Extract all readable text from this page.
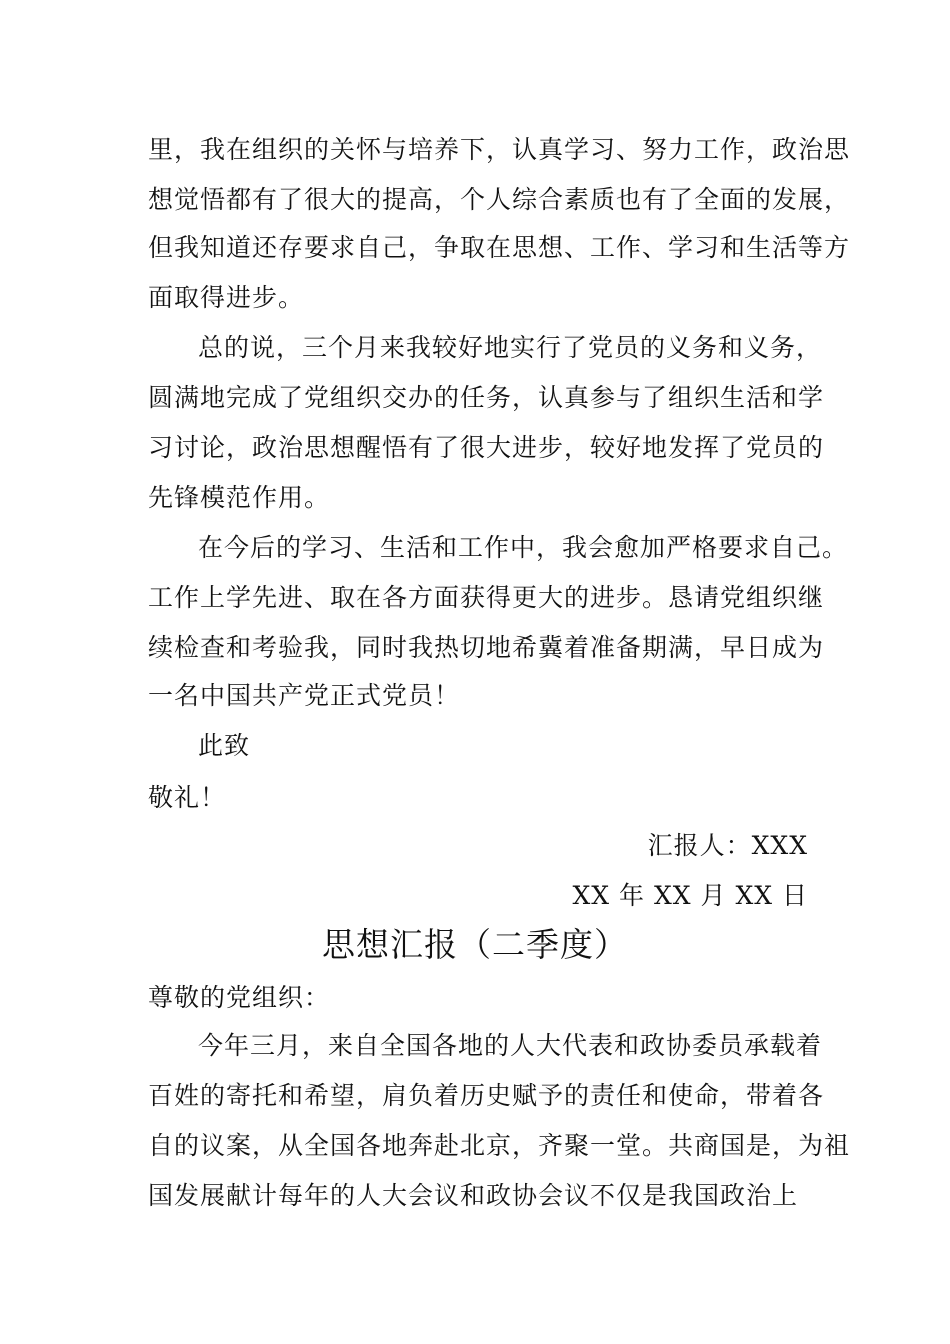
里，我在组织的关怀与培养下，认真学习、努力工作，政治思
想觉悟都有了很大的提高，个人综合素质也有了全面的发展，
但我知道还存要求自己，争取在思想、工作、学习和生活等方
面取得进步。
总的说，三个月来我较好地实行了党员的义务和义务，
圆满地完成了党组织交办的任务，认真参与了组织生活和学
习讨论，政治思想醒悟有了很大进步，较好地发挥了党员的
先锋模范作用。
在今后的学习、生活和工作中，我会愈加严格要求自己。
工作上学先进、取在各方面获得更大的进步。恳请党组织继
续检查和考验我，同时我热切地希冀着准备期满，早日成为
一名中国共产党正式党员！
此致
敬礼！
汇报人：XXX
XX 年 XX 月 XX 日
思想汇报（二季度）
尊敬的党组织：
今年三月，来自全国各地的人大代表和政协委员承载着
百姓的寄托和希望，肩负着历史赋予的责任和使命，带着各
自的议案，从全国各地奔赴北京，齐聚一堂。共商国是，为祖
国发展献计每年的人大会议和政协会议不仅是我国政治上
